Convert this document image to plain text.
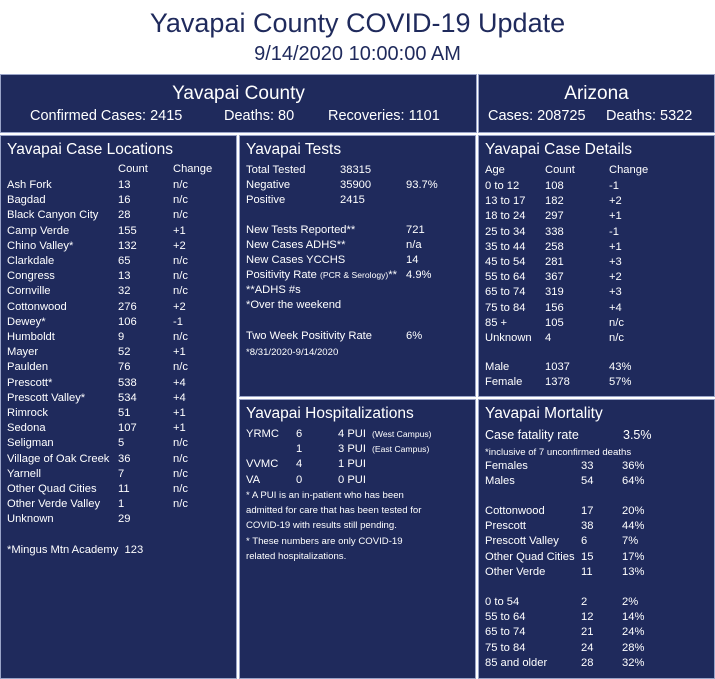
Yavapai County COVID-19 Update
9/14/2020 10:00:00 AM
Yavapai County
Confirmed Cases: 2415	Deaths: 80 Recoveries: 1101
Arizona
Cases: 208725 Deaths: 5322
Yavapai Case Locations
Count Change
Ash Fork	13	n/c
Bagdad	16	n/c
Black Canyon City 28	n/c
Camp Verde	155	+1
Chino Valley*	132	+2
Clarkdale	65	n/c
Congress	13	n/c
Cornville	32	n/c
Cottonwood	276	+2
Dewey*	106	-1
Humboldt	9	n/c
Mayer	52	+1
Paulden	76	n/c
Prescott*	538	+4
Prescott Valley*	534	+4
Rimrock	51	+1
Sedona	107	+1
Seligman	5	n/c
Village of Oak Creek 36	n/c
Yarnell	7	n/c
Other Quad Cities 11	n/c
Other Verde Valley 1	n/c
Unknown	29
*Mingus Mtn Academy  123
Yavapai Tests
Total Tested	38315
Negative	35900	93.7%
Positive	2415
New Tests Reported**	721
New Cases ADHS**	n/a
New Cases YCCHS	14
Positivity Rate (PCR & Serology)** 4.9%
**ADHS #s
*Over the weekend
Two Week Positivity Rate	6%
*8/31/2020-9/14/2020
Yavapai Hospitalizations
YRMC 6	4 PUI (West Campus)
1	3 PUI (East Campus)
VVMC 4	1 PUI
VA	0	0 PUI
* A PUI is an in-patient who has been
admitted for care that has been tested for
COVID-19 with results still pending.
* These numbers are only COVID-19
related hospitalizations.
Yavapai Case Details
Age	Count	Change
0 to 12 108	-1
13 to 17 182	+2
18 to 24 297	+1
25 to 34 338	-1
35 to 44 258	+1
45 to 54 281	+3
55 to 64 367	+2
65 to 74 319	+3
75 to 84 156	+4
85 +	105	n/c
Unknown 4	n/c
Male	1037	43%
Female 1378	57%
Yavapai Mortality
Case fatality rate	3.5%
*inclusive of 7 unconfirmed deaths
Females	33	36%
Males	54	64%
Cottonwood	17	20%
Prescott	38	44%
Prescott Valley 6	7%
Other Quad Cities 15	17%
Other Verde	11	13%
0 to 54	2	2%
55 to 64	12	14%
65 to 74	21	24%
75 to 84	24	28%
85 and older	28	32%
